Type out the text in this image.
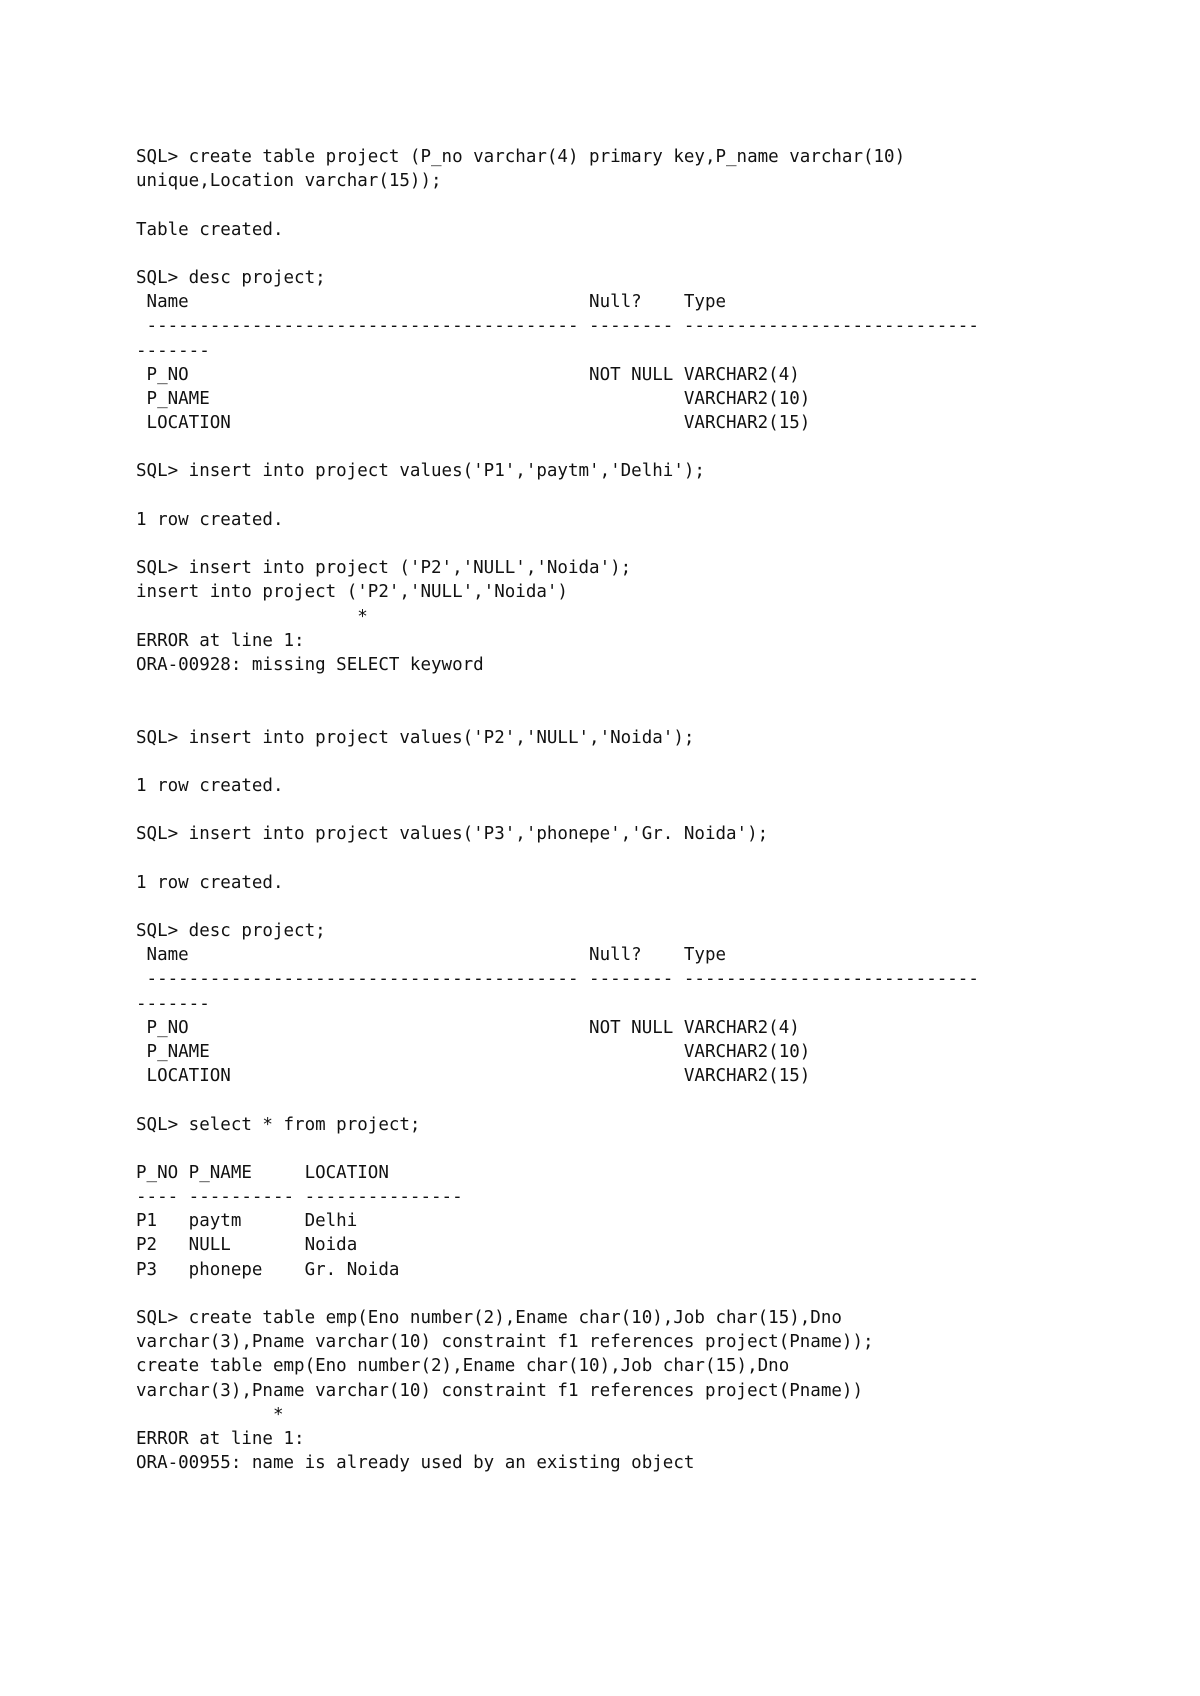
SQL> create table project (P_no varchar(4) primary key,P_name varchar(10)
unique,Location varchar(15));
Table created.
SQL> desc project;
Name                                      Null?    Type
----------------------------------------- -------- ----------------------------
-------
P_NO                                      NOT NULL VARCHAR2(4)
P_NAME                                             VARCHAR2(10)
LOCATION                                           VARCHAR2(15)
SQL> insert into project values('P1','paytm','Delhi');
1 row created.
SQL> insert into project ('P2','NULL','Noida');
insert into project ('P2','NULL','Noida')
*
ERROR at line 1:
ORA-00928: missing SELECT keyword
SQL> insert into project values('P2','NULL','Noida');
1 row created.
SQL> insert into project values('P3','phonepe','Gr. Noida');
1 row created.
SQL> desc project;
Name                                      Null?    Type
----------------------------------------- -------- ----------------------------
-------
P_NO                                      NOT NULL VARCHAR2(4)
P_NAME                                             VARCHAR2(10)
LOCATION                                           VARCHAR2(15)
SQL> select * from project;
P_NO P_NAME     LOCATION
---- ---------- ---------------
P1   paytm      Delhi
P2   NULL       Noida
P3   phonepe    Gr. Noida
SQL> create table emp(Eno number(2),Ename char(10),Job char(15),Dno
varchar(3),Pname varchar(10) constraint f1 references project(Pname));
create table emp(Eno number(2),Ename char(10),Job char(15),Dno
varchar(3),Pname varchar(10) constraint f1 references project(Pname))
*
ERROR at line 1:
ORA-00955: name is already used by an existing object
